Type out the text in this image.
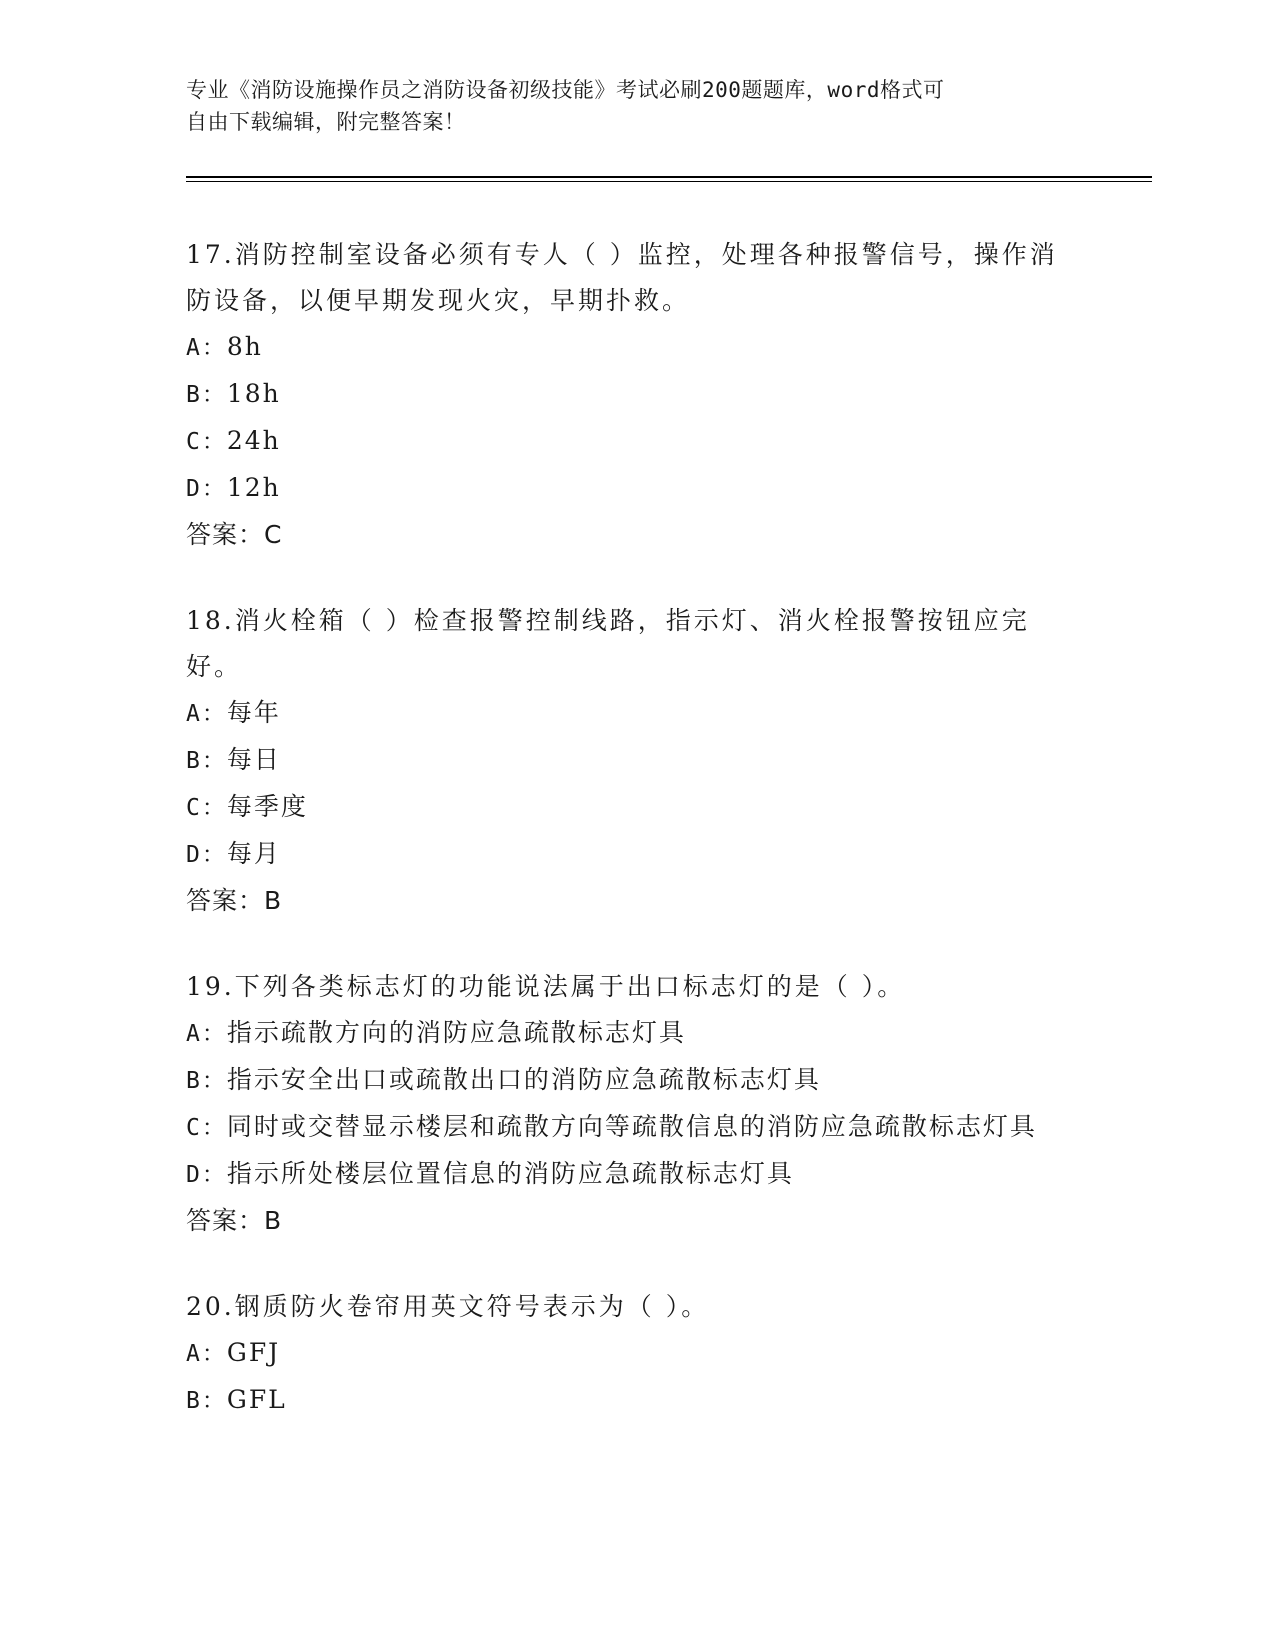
专业《消防设施操作员之消防设备初级技能》考试必刷200题题库，word格式可
自由下载编辑，附完整答案！
17.消防控制室设备必须有专人（ ）监控，处理各种报警信号，操作消防设备，以便早期发现火灾，早期扑救。
A：8h
B：18h
C：24h
D：12h
答案：C
18.消火栓箱（ ）检查报警控制线路，指示灯、消火栓报警按钮应完好。
A：每年
B：每日
C：每季度
D：每月
答案：B
19.下列各类标志灯的功能说法属于出口标志灯的是（ ）。
A：指示疏散方向的消防应急疏散标志灯具
B：指示安全出口或疏散出口的消防应急疏散标志灯具
C：同时或交替显示楼层和疏散方向等疏散信息的消防应急疏散标志灯具
D：指示所处楼层位置信息的消防应急疏散标志灯具
答案：B
20.钢质防火卷帘用英文符号表示为（ ）。
A：GFJ
B：GFL
